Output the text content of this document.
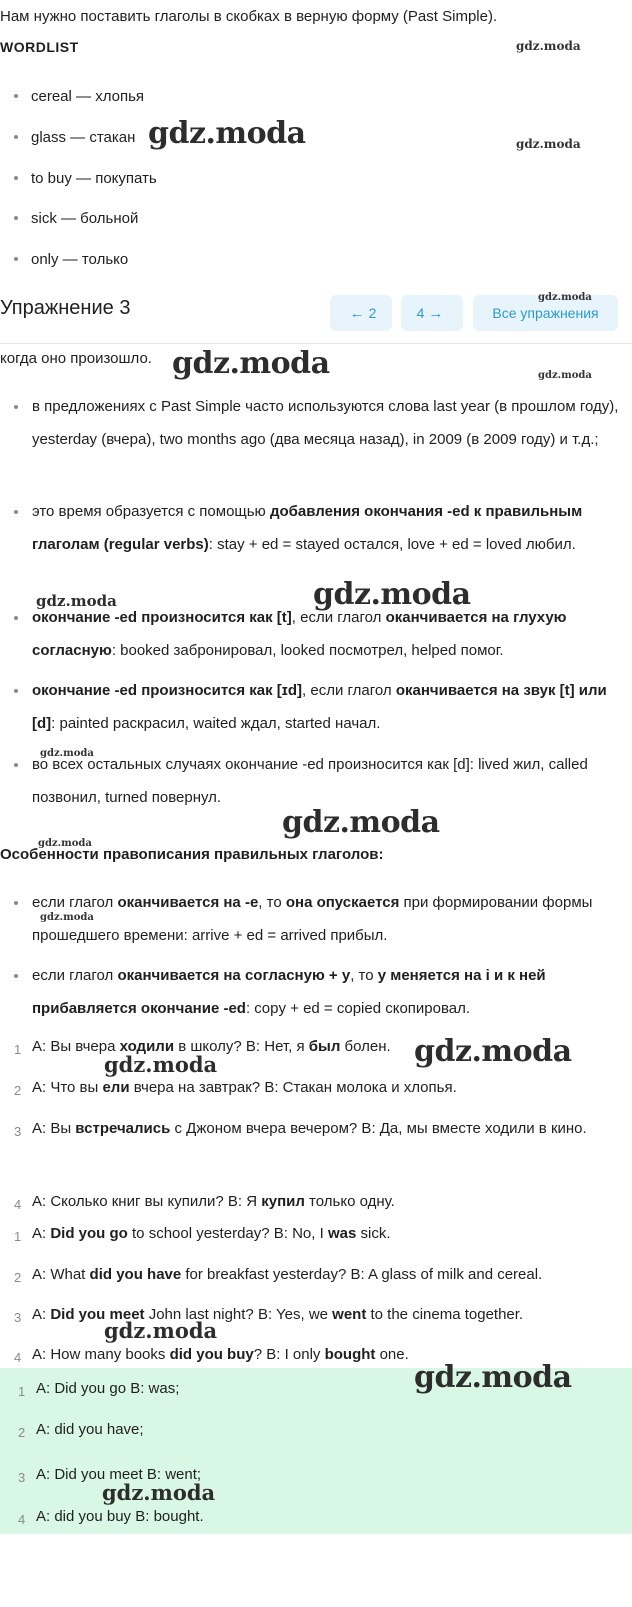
Нам нужно поставить глаголы в скобках в верную форму (Past Simple).
WORDLIST
cereal — хлопья
glass — стакан
to buy — покупать
sick — больной
only — только
Упражнение 3	← 2	4 →	Все упражнения
когда оно произошло.
в предложениях с Past Simple часто используются слова last year (в прошлом году), yesterday (вчера), two months ago (два месяца назад), in 2009 (в 2009 году) и т.д.;
это время образуется с помощью добавления окончания -ed к правильным глаголам (regular verbs): stay + ed = stayed остался, love + ed = loved любил.
окончание -ed произносится как [t], если глагол оканчивается на глухую согласную: booked забронировал, looked посмотрел, helped помог.
окончание -ed произносится как [ɪd], если глагол оканчивается на звук [t] или [d]: painted раскрасил, waited ждал, started начал.
во всех остальных случаях окончание -ed произносится как [d]: lived жил, called позвонил, turned повернул.
Особенности правописания правильных глаголов:
если глагол оканчивается на -е, то она опускается при формировании формы прошедшего времени: arrive + ed = arrived прибыл.
если глагол оканчивается на согласную + у, то у меняется на i и к ней прибавляется окончание -ed: copy + ed = copied скопировал.
1 A: Вы вчера ходили в школу? B: Нет, я был болен.
2 A: Что вы ели вчера на завтрак? B: Стакан молока и хлопья.
3 A: Вы встречались с Джоном вчера вечером? B: Да, мы вместе ходили в кино.
4 A: Сколько книг вы купили? B: Я купил только одну.
1 A: Did you go to school yesterday? B: No, I was sick.
2 A: What did you have for breakfast yesterday? B: A glass of milk and cereal.
3 A: Did you meet John last night? B: Yes, we went to the cinema together.
4 A: How many books did you buy? B: I only bought one.
1 A: Did you go B: was;
2 A: did you have;
3 A: Did you meet B: went;
4 A: did you buy B: bought.
gdz.moda
gdz.moda	gdz.moda
gdz.moda
gdz.moda	gdz.moda
gdz.moda
gdz.moda
gdz.moda
gdz.moda
gdz.moda
gdz.moda
gdz.moda
gdz.moda
gdz.moda
gdz.moda
gdz.moda
